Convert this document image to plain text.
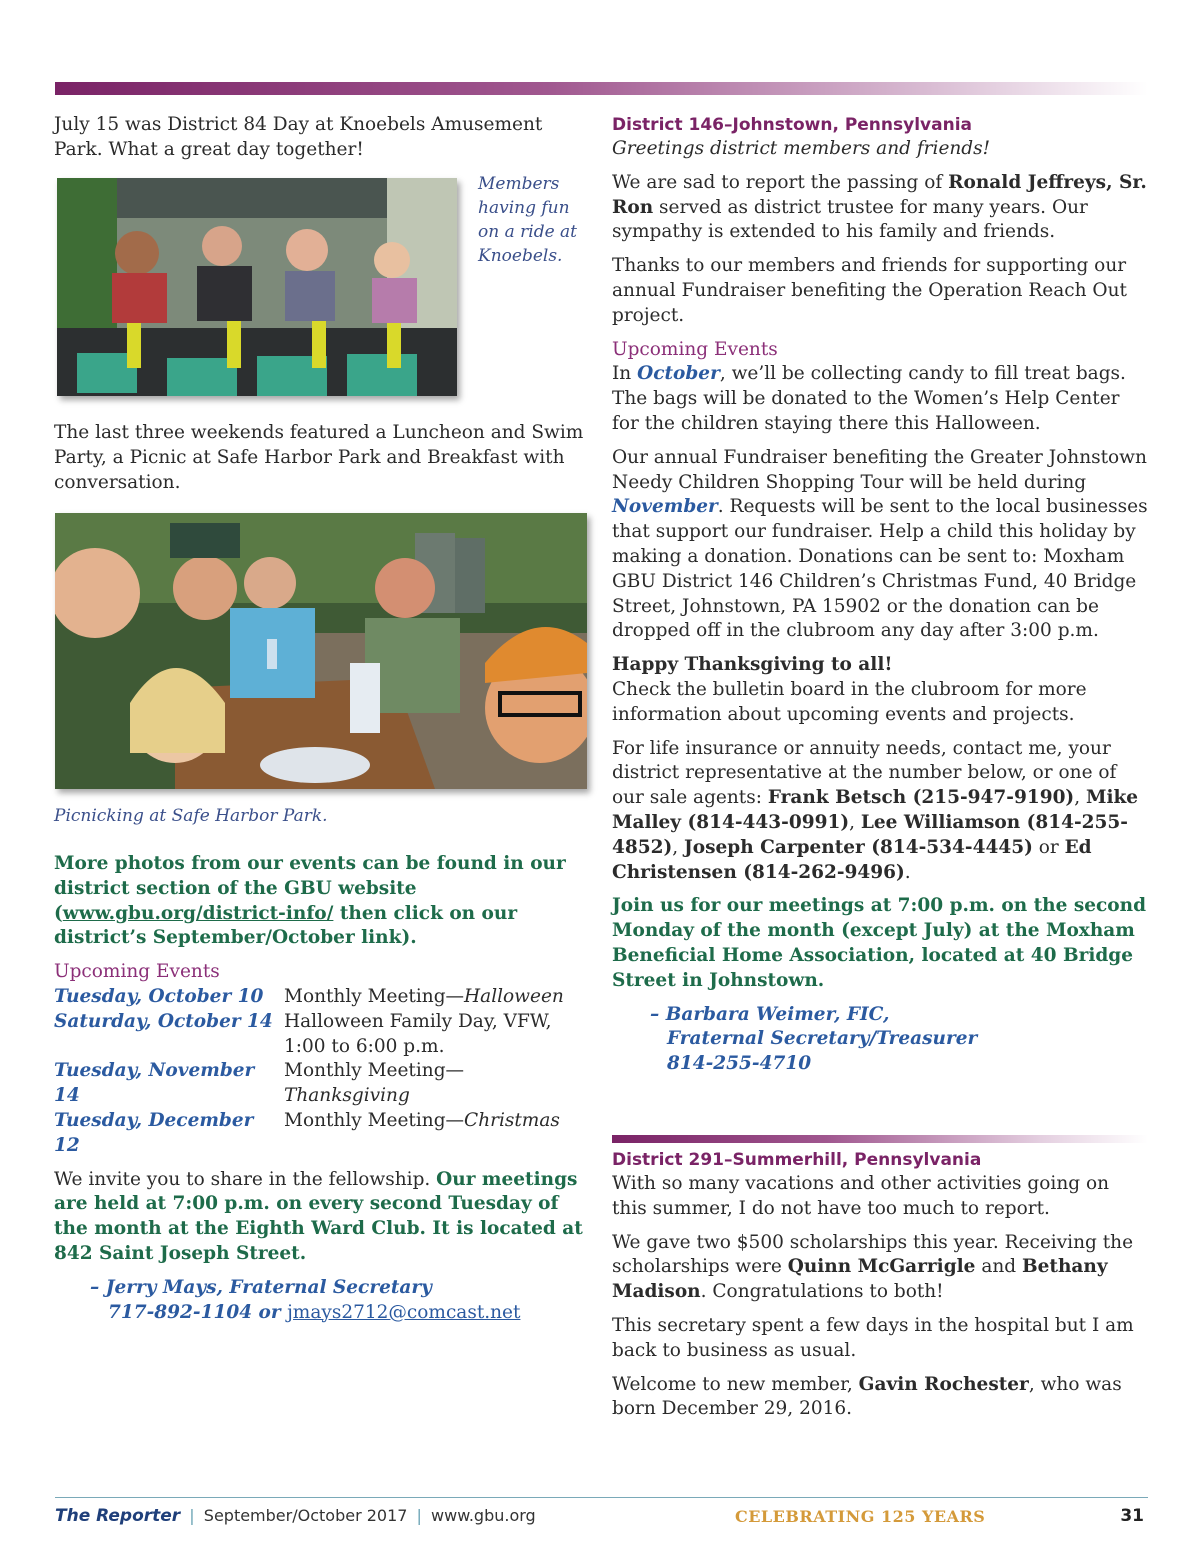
July 15 was District 84 Day at Knoebels Amusement Park. What a great day together!

Members having fun on a ride at Knoebels.

The last three weekends featured a Luncheon and Swim Party, a Picnic at Safe Harbor Park and Breakfast with conversation.

Picnicking at Safe Harbor Park.

More photos from our events can be found in our district section of the GBU website (www.gbu.org/district-info/ then click on our district’s September/October link).

Upcoming Events

Tuesday, October 10	Monthly Meeting—Halloween
Saturday, October 14	Halloween Family Day, VFW, 1:00 to 6:00 p.m.
Tuesday, November 14	Monthly Meeting—
Thanksgiving
Tuesday, December 12	Monthly Meeting—Christmas

We invite you to share in the fellowship. Our meetings are held at 7:00 p.m. on every second Tuesday of the month at the Eighth Ward Club. It is located at 842 Saint Joseph Street.

– Jerry Mays, Fraternal Secretary
717-892-1104 or jmays2712@comcast.net
District 146–Johnstown, Pennsylvania
Greetings district members and friends!

We are sad to report the passing of Ronald Jeffreys, Sr. Ron served as district trustee for many years. Our sympathy is extended to his family and friends.

Thanks to our members and friends for supporting our annual Fundraiser benefiting the Operation Reach Out project.

Upcoming Events

In October, we’ll be collecting candy to fill treat bags. The bags will be donated to the Women’s Help Center for the children staying there this Halloween.

Our annual Fundraiser benefiting the Greater Johnstown Needy Children Shopping Tour will be held during November. Requests will be sent to the local businesses that support our fundraiser. Help a child this holiday by making a donation. Donations can be sent to: Moxham GBU District 146 Children’s Christmas Fund, 40 Bridge Street, Johnstown, PA 15902 or the donation can be dropped off in the clubroom any day after 3:00 p.m.

Happy Thanksgiving to all!
Check the bulletin board in the clubroom for more information about upcoming events and projects.

For life insurance or annuity needs, contact me, your district representative at the number below, or one of our sale agents: Frank Betsch (215-947-9190), Mike Malley (814-443-0991), Lee Williamson (814-255-4852), Joseph Carpenter (814-534-4445) or Ed Christensen (814-262-9496).

Join us for our meetings at 7:00 p.m. on the second Monday of the month (except July) at the Moxham Beneficial Home Association, located at 40 Bridge Street in Johnstown.

– Barbara Weimer, FIC,
Fraternal Secretary/Treasurer
814-255-4710
District 291–Summerhill, Pennsylvania

With so many vacations and other activities going on this summer, I do not have too much to report.

We gave two $500 scholarships this year. Receiving the scholarships were Quinn McGarrigle and Bethany Madison. Congratulations to both!

This secretary spent a few days in the hospital but I am back to business as usual.

Welcome to new member, Gavin Rochester, who was born December 29, 2016.

The Reporter | September/October 2017 | www.gbu.org	CELEBRATING 125 YEARS	31
